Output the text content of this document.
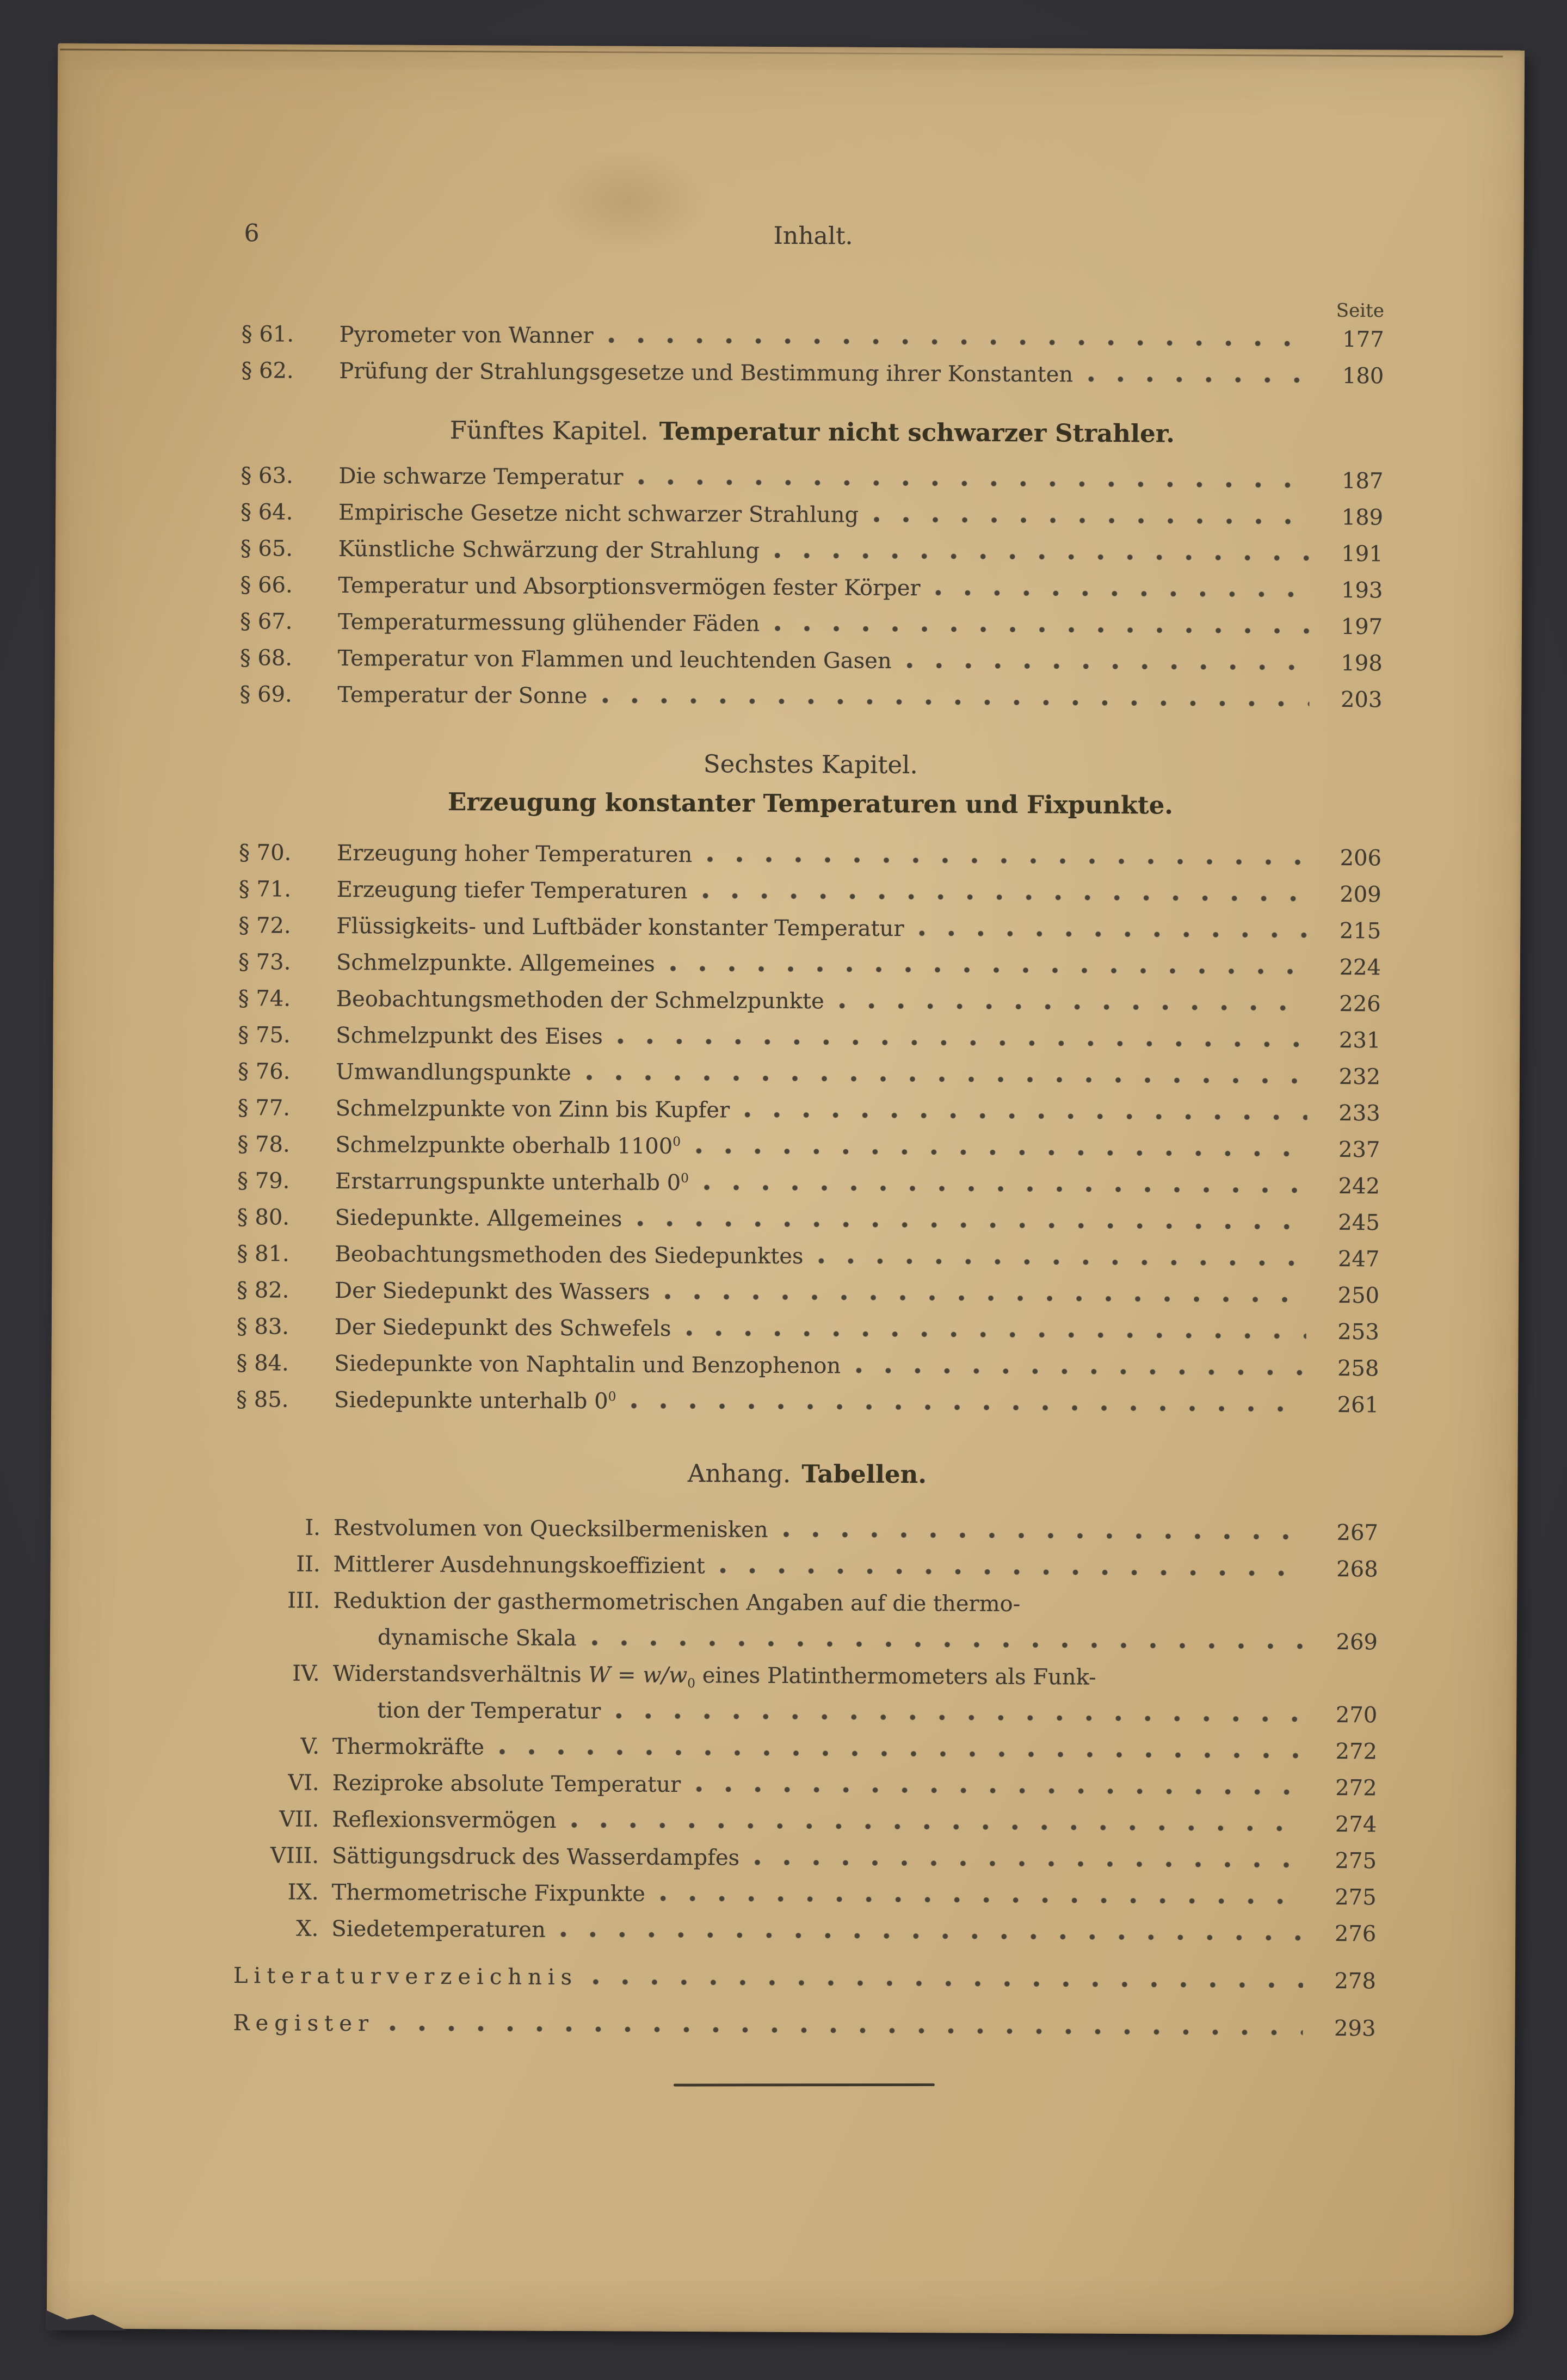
6	Inhalt.
Seite
§ 61.	Pyrometer von Wanner	177
§ 62.	Prüfung der Strahlungsgesetze und Bestimmung ihrer Konstanten	180
Fünftes Kapitel. Temperatur nicht schwarzer Strahler.
§ 63.	Die schwarze Temperatur	187
§ 64.	Empirische Gesetze nicht schwarzer Strahlung	189
§ 65.	Künstliche Schwärzung der Strahlung	191
§ 66.	Temperatur und Absorptionsvermögen fester Körper	193
§ 67.	Temperaturmessung glühender Fäden	197
§ 68.	Temperatur von Flammen und leuchtenden Gasen	198
§ 69.	Temperatur der Sonne	203
Sechstes Kapitel.
Erzeugung konstanter Temperaturen und Fixpunkte.
§ 70.	Erzeugung hoher Temperaturen	206
§ 71.	Erzeugung tiefer Temperaturen	209
§ 72.	Flüssigkeits- und Luftbäder konstanter Temperatur	215
§ 73.	Schmelzpunkte. Allgemeines	224
§ 74.	Beobachtungsmethoden der Schmelzpunkte	226
§ 75.	Schmelzpunkt des Eises	231
§ 76.	Umwandlungspunkte	232
§ 77.	Schmelzpunkte von Zinn bis Kupfer	233
§ 78.	Schmelzpunkte oberhalb 1100$^0$	237
§ 79.	Erstarrungspunkte unterhalb $0^0$	242
§ 80.	Siedepunkte. Allgemeines	245
§ 81.	Beobachtungsmethoden des Siedepunktes	247
§ 82.	Der Siedepunkt des Wassers	250
§ 83.	Der Siedepunkt des Schwefels	253
§ 84.	Siedepunkte von Naphtalin und Benzophenon	258
§ 85.	Siedepunkte unterhalb $0^0$	261
Anhang. Tabellen.
I. Restvolumen von Quecksilbermenisken	267
II. Mittlerer Ausdehnungskoeffizient	268
III. Reduktion der gasthermometrischen Angaben auf die thermo-
dynamische Skala	269
IV. Widerstandsverhältnis $W = w/w_0$ eines Platinthermometers als Funk-
tion der Temperatur	270
V. Thermokräfte	272
VI. Reziproke absolute Temperatur	272
VII. Reflexionsvermögen	274
VIII. Sättigungsdruck des Wasserdampfes	275
IX. Thermometrische Fixpunkte	275
X. Siedetemperaturen	276
Literaturverzeichnis	278
Register	293
